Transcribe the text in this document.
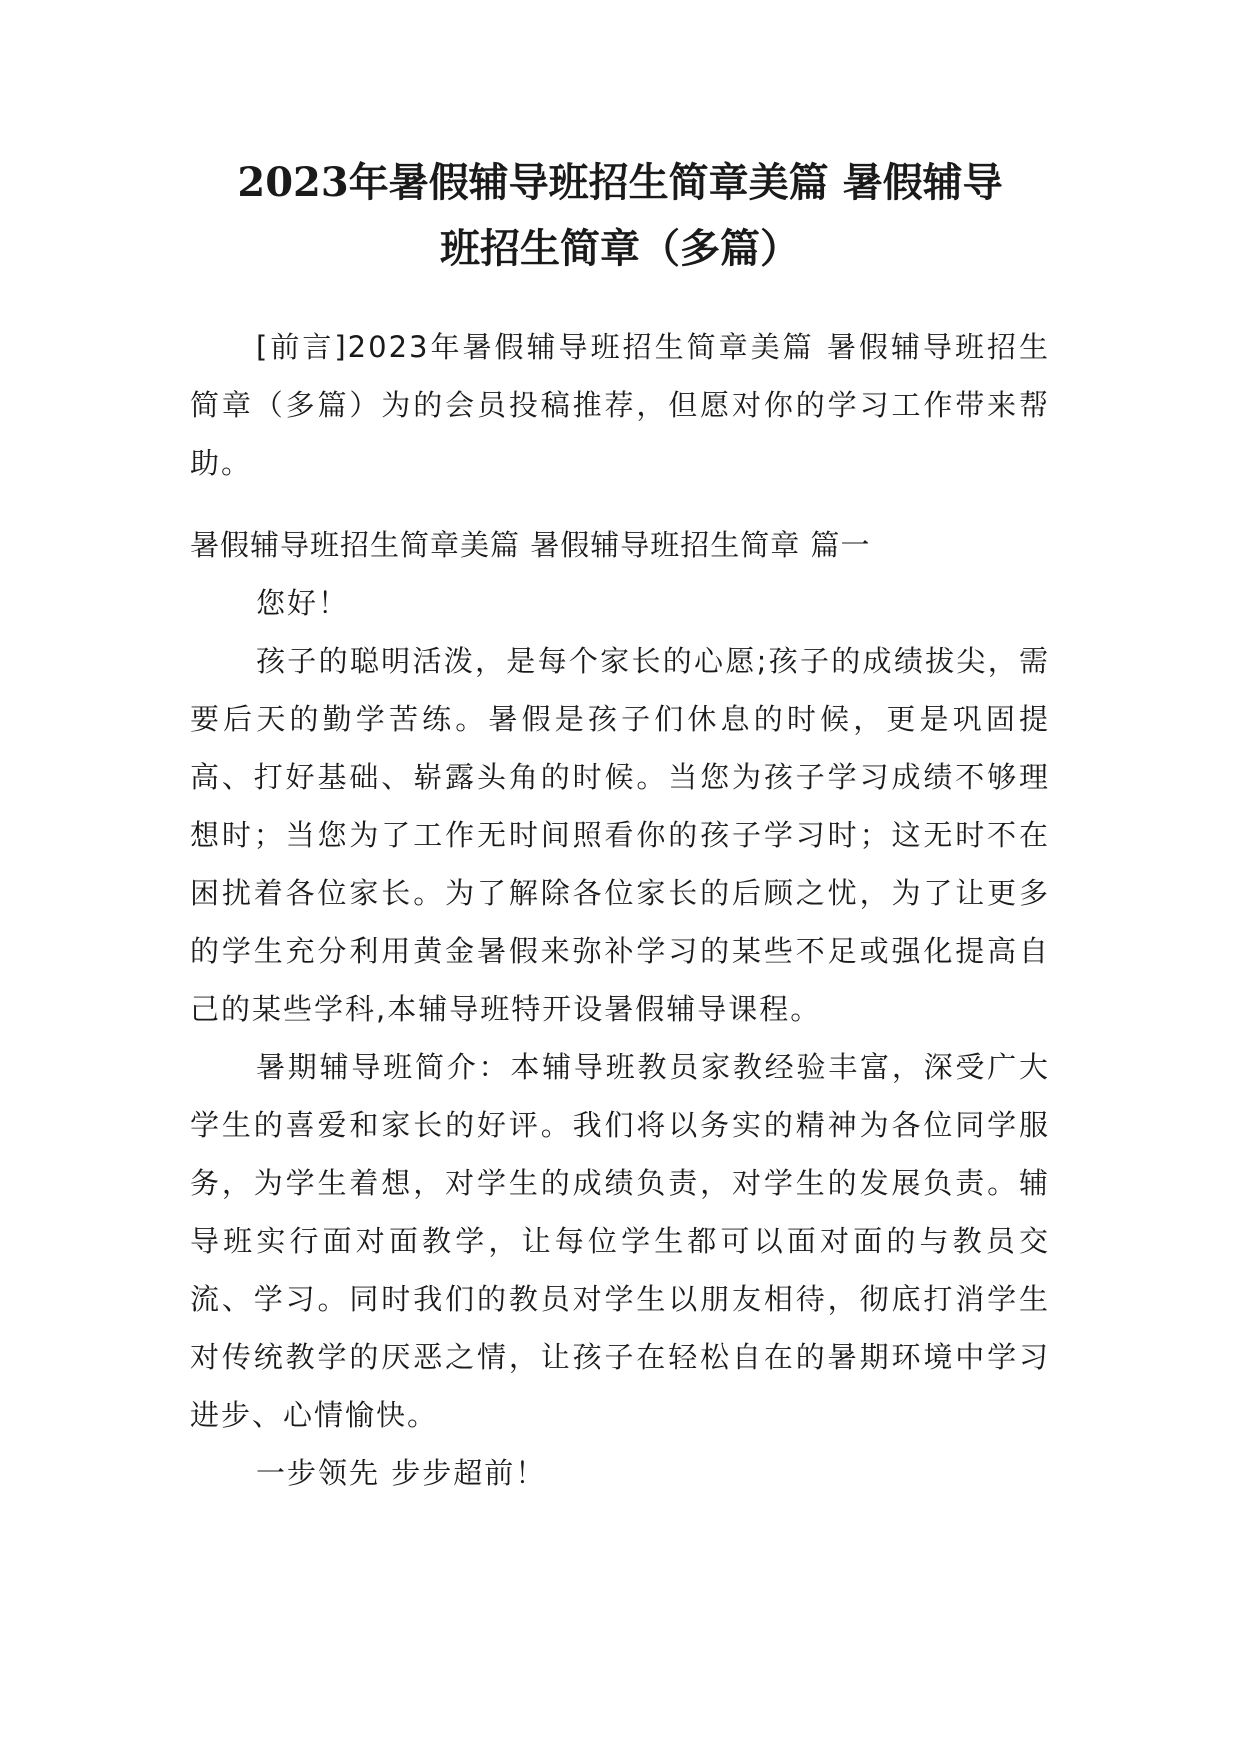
2023年暑假辅导班招生简章美篇 暑假辅导
班招生简章（多篇）

[前言]2023年暑假辅导班招生简章美篇 暑假辅导班招生简章（多篇）为的会员投稿推荐，但愿对你的学习工作带来帮助。

暑假辅导班招生简章美篇 暑假辅导班招生简章 篇一

您好！

孩子的聪明活泼，是每个家长的心愿;孩子的成绩拔尖，需要后天的勤学苦练。暑假是孩子们休息的时候，更是巩固提高、打好基础、崭露头角的时候。当您为孩子学习成绩不够理想时；当您为了工作无时间照看你的孩子学习时；这无时不在困扰着各位家长。为了解除各位家长的后顾之忧，为了让更多的学生充分利用黄金暑假来弥补学习的某些不足或强化提高自己的某些学科,本辅导班特开设暑假辅导课程。

暑期辅导班简介：本辅导班教员家教经验丰富，深受广大学生的喜爱和家长的好评。我们将以务实的精神为各位同学服务，为学生着想，对学生的成绩负责，对学生的发展负责。辅导班实行面对面教学，让每位学生都可以面对面的与教员交流、学习。同时我们的教员对学生以朋友相待，彻底打消学生对传统教学的厌恶之情，让孩子在轻松自在的暑期环境中学习进步、心情愉快。

一步领先 步步超前！
